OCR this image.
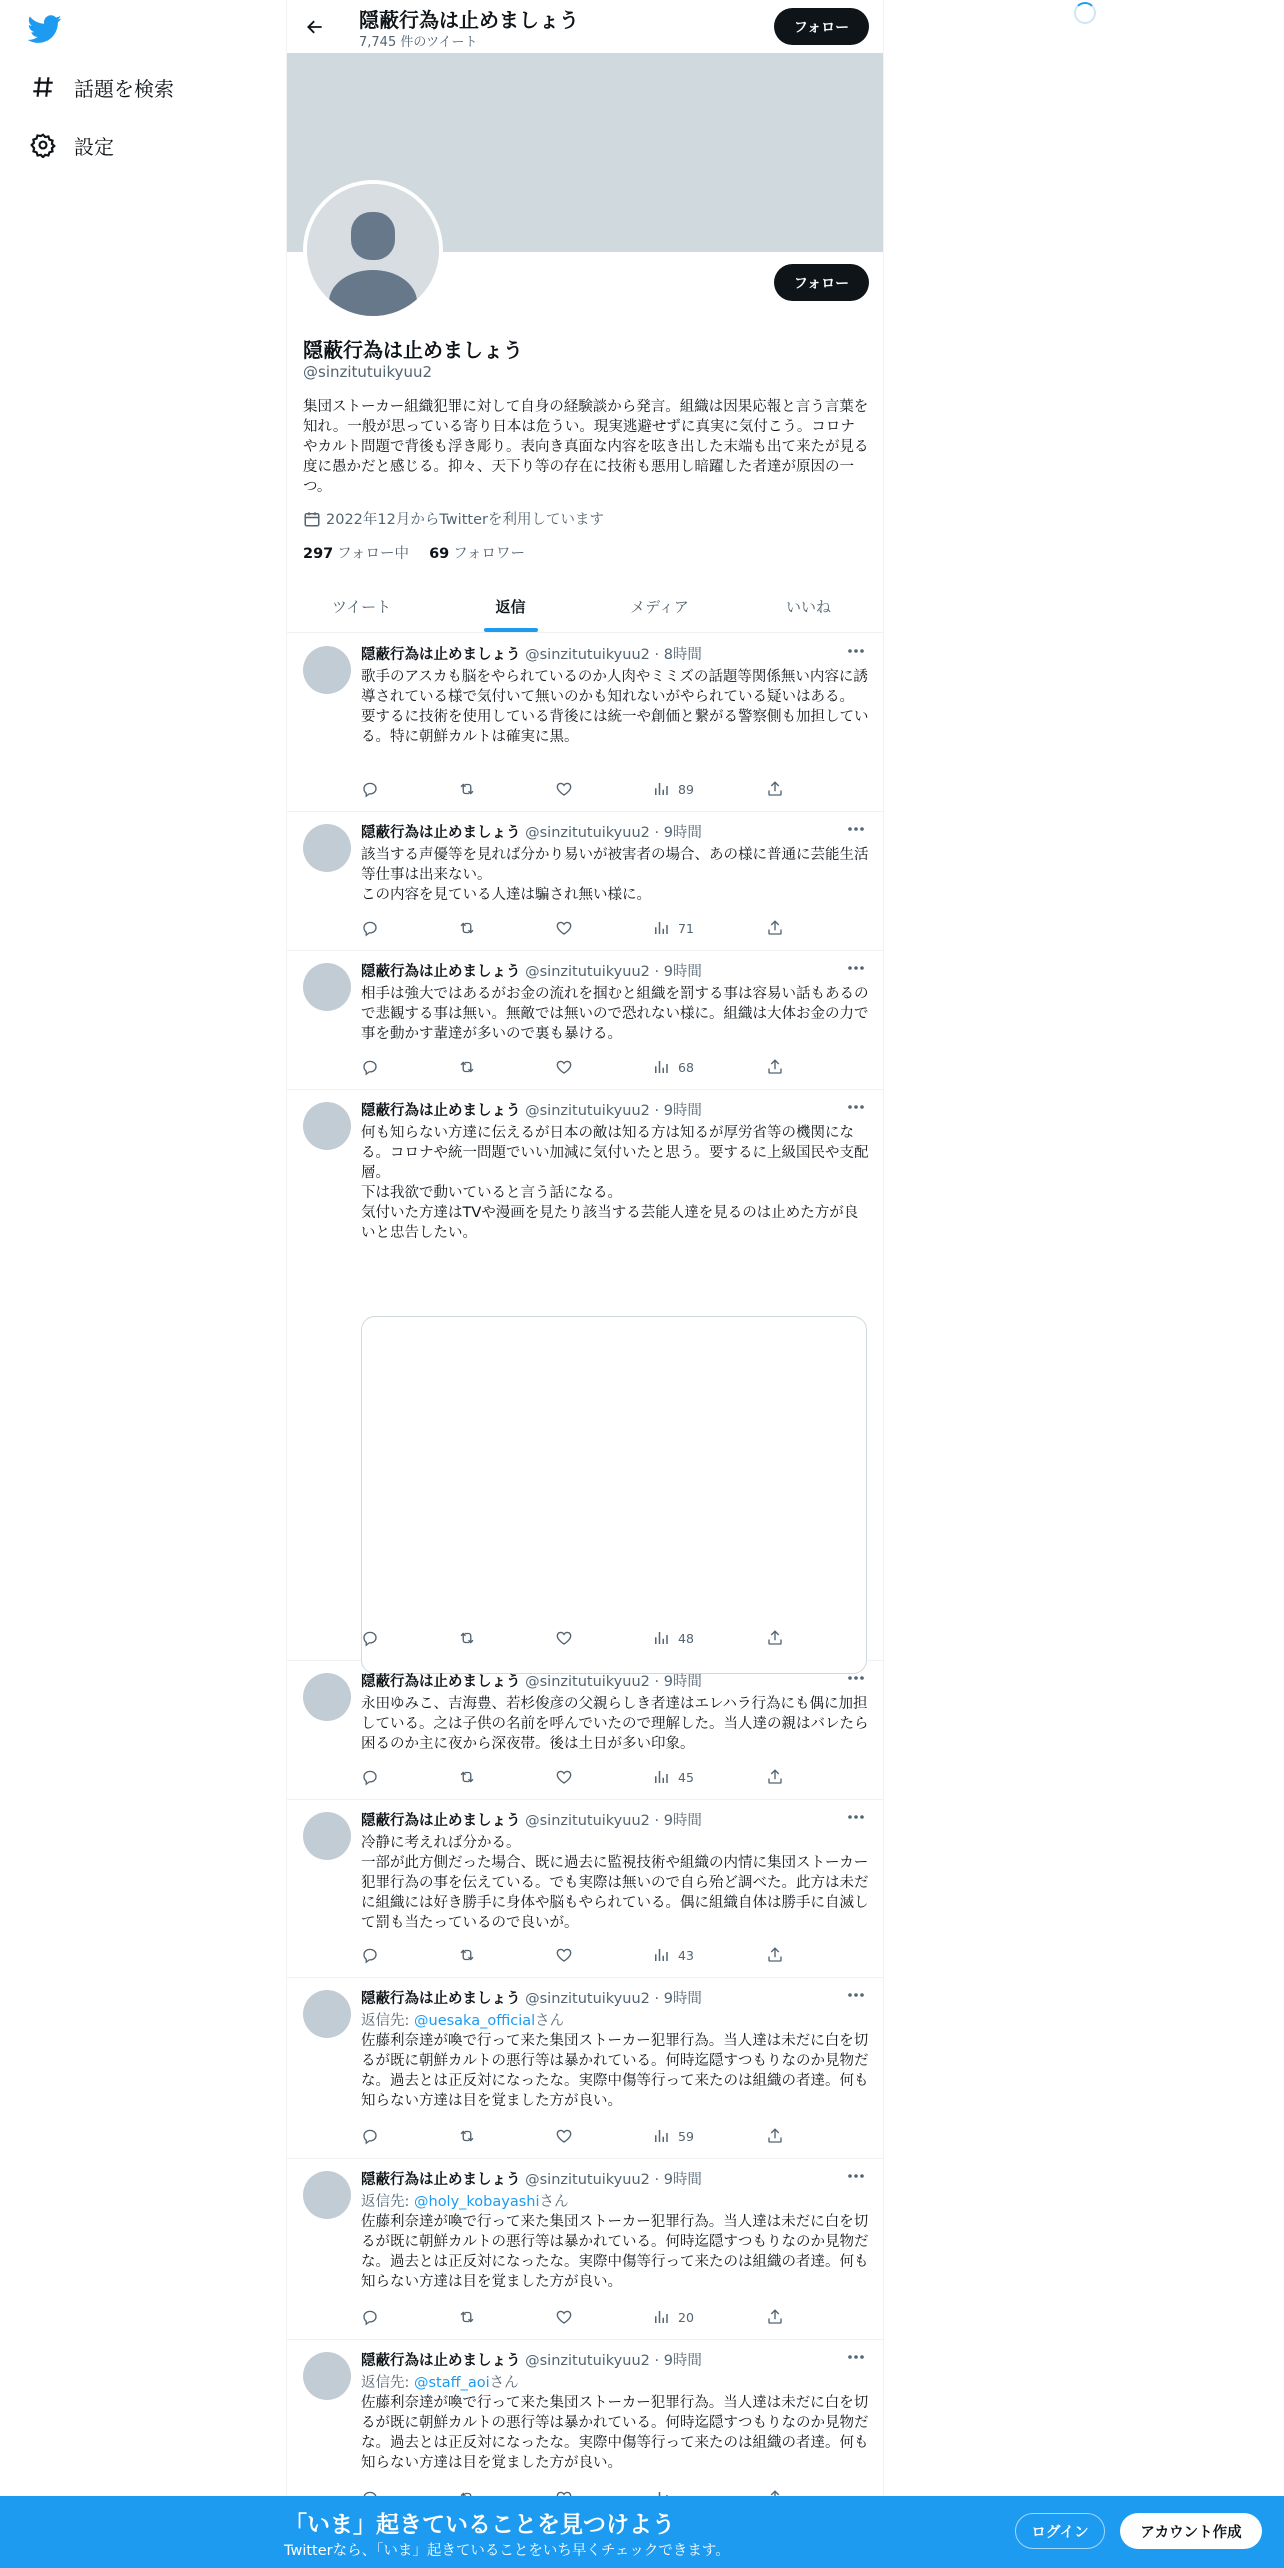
話題を検索
設定
隠蔽行為は止めましょう
7,745 件のツイート
フォロー
フォロー
隠蔽行為は止めましょう
@sinzitutuikyuu2
集団ストーカー組織犯罪に対して自身の経験談から発言。組織は因果応報と言う言葉を知れ。一般が思っている寄り日本は危うい。現実逃避せずに真実に気付こう。コロナやカルト問題で背後も浮き彫り。表向き真面な内容を呟き出した末端も出て来たが見る度に愚かだと感じる。抑々、天下り等の存在に技術も悪用し暗躍した者達が原因の一つ。
2022年12月からTwitterを利用しています
297 フォロー中 69 フォロワー
ツイート	返信	メディア	いいね
隠蔽行為は止めましょう @sinzitutuikyuu2 · 8時間
歌手のアスカも脳をやられているのか人肉やミミズの話題等関係無い内容に誘導されている様で気付いて無いのかも知れないがやられている疑いはある。
要するに技術を使用している背後には統一や創価と繋がる警察側も加担している。特に朝鮮カルトは確実に黒。
89
隠蔽行為は止めましょう @sinzitutuikyuu2 · 9時間
該当する声優等を見れば分かり易いが被害者の場合、あの様に普通に芸能生活等仕事は出来ない。
この内容を見ている人達は騙され無い様に。
71
隠蔽行為は止めましょう @sinzitutuikyuu2 · 9時間
相手は強大ではあるがお金の流れを掴むと組織を罰する事は容易い話もあるので悲観する事は無い。無敵では無いので恐れない様に。組織は大体お金の力で事を動かす輩達が多いので裏も暴ける。
68
隠蔽行為は止めましょう @sinzitutuikyuu2 · 9時間
何も知らない方達に伝えるが日本の敵は知る方は知るが厚労省等の機関になる。コロナや統一問題でいい加減に気付いたと思う。要するに上級国民や支配層。
下は我欲で動いていると言う話になる。
気付いた方達はTVや漫画を見たり該当する芸能人達を見るのは止めた方が良いと忠告したい。
48
隠蔽行為は止めましょう @sinzitutuikyuu2 · 9時間
永田ゆみこ、吉海豊、若杉俊彦の父親らしき者達はエレハラ行為にも偶に加担している。之は子供の名前を呼んでいたので理解した。当人達の親はバレたら困るのか主に夜から深夜帯。後は土日が多い印象。
45
隠蔽行為は止めましょう @sinzitutuikyuu2 · 9時間
冷静に考えれば分かる。
一部が此方側だった場合、既に過去に監視技術や組織の内情に集団ストーカー犯罪行為の事を伝えている。でも実際は無いので自ら殆ど調べた。此方は未だに組織には好き勝手に身体や脳もやられている。偶に組織自体は勝手に自滅して罰も当たっているので良いが。
43
隠蔽行為は止めましょう @sinzitutuikyuu2 · 9時間
返信先: @uesaka_officialさん
佐藤利奈達が喚で行って来た集団ストーカー犯罪行為。当人達は未だに白を切るが既に朝鮮カルトの悪行等は暴かれている。何時迄隠すつもりなのか見物だな。過去とは正反対になったな。実際中傷等行って来たのは組織の者達。何も知らない方達は目を覚ました方が良い。
59
隠蔽行為は止めましょう @sinzitutuikyuu2 · 9時間
返信先: @holy_kobayashiさん
佐藤利奈達が喚で行って来た集団ストーカー犯罪行為。当人達は未だに白を切るが既に朝鮮カルトの悪行等は暴かれている。何時迄隠すつもりなのか見物だな。過去とは正反対になったな。実際中傷等行って来たのは組織の者達。何も知らない方達は目を覚ました方が良い。
20
隠蔽行為は止めましょう @sinzitutuikyuu2 · 9時間
返信先: @staff_aoiさん
佐藤利奈達が喚で行って来た集団ストーカー犯罪行為。当人達は未だに白を切るが既に朝鮮カルトの悪行等は暴かれている。何時迄隠すつもりなのか見物だな。過去とは正反対になったな。実際中傷等行って来たのは組織の者達。何も知らない方達は目を覚ました方が良い。
「いま」起きていることを見つけよう
Twitterなら、「いま」起きていることをいち早くチェックできます。
ログイン	アカウント作成
